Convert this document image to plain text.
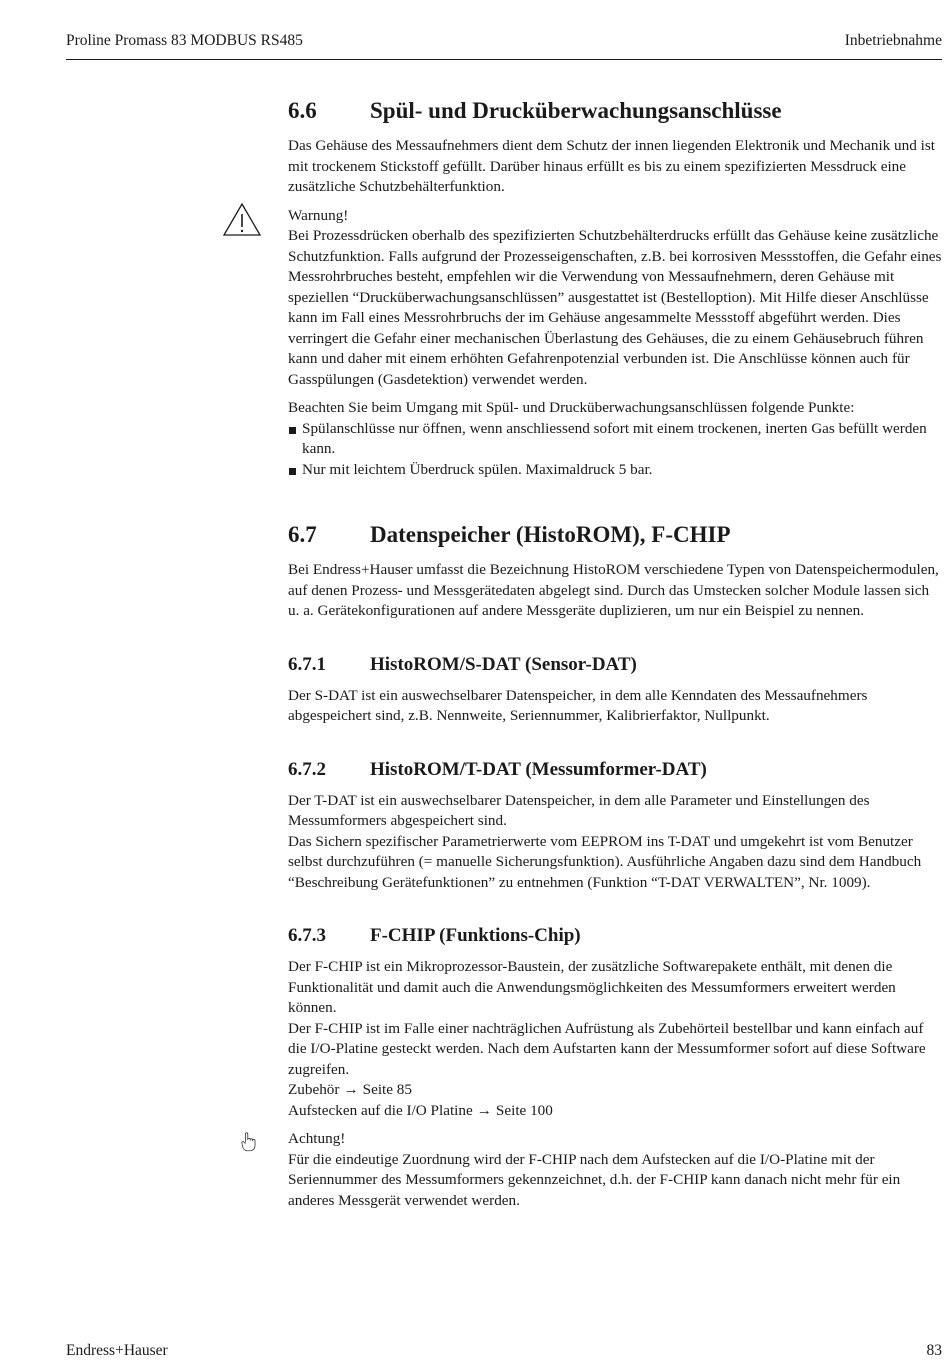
Proline Promass 83 MODBUS RS485	Inbetriebnahme
6.6	Spül- und Drucküberwachungsanschlüsse

Das Gehäuse des Messaufnehmers dient dem Schutz der innen liegenden Elektronik und Mechanik und ist mit trockenem Stickstoff gefüllt. Darüber hinaus erfüllt es bis zu einem spezifizierten Messdruck eine zusätzliche Schutzbehälterfunktion.

Warnung!

Bei Prozessdrücken oberhalb des spezifizierten Schutzbehälterdrucks erfüllt das Gehäuse keine zusätzliche Schutzfunktion. Falls aufgrund der Prozesseigenschaften, z.B. bei korrosiven Messstoffen, die Gefahr eines Messrohrbruches besteht, empfehlen wir die Verwendung von Messaufnehmern, deren Gehäuse mit speziellen “Drucküberwachungsanschlüssen” ausgestattet ist (Bestelloption). Mit Hilfe dieser Anschlüsse kann im Fall eines Messrohrbruchs der im Gehäuse angesammelte Messstoff abgeführt werden. Dies verringert die Gefahr einer mechanischen Überlastung des Gehäuses, die zu einem Gehäusebruch führen kann und daher mit einem erhöhten Gefahrenpotenzial verbunden ist. Die Anschlüsse können auch für Gasspülungen (Gasdetektion) verwendet werden.

Beachten Sie beim Umgang mit Spül- und Drucküberwachungsanschlüssen folgende Punkte:

Spülanschlüsse nur öffnen, wenn anschliessend sofort mit einem trockenen, inerten Gas befüllt werden kann.
Nur mit leichtem Überdruck spülen. Maximaldruck 5 bar.
6.7	Datenspeicher (HistoROM), F-CHIP

Bei Endress+Hauser umfasst die Bezeichnung HistoROM verschiedene Typen von Datenspeichermodulen, auf denen Prozess- und Messgerätedaten abgelegt sind. Durch das Umstecken solcher Module lassen sich u. a. Gerätekonfigurationen auf andere Messgeräte duplizieren, um nur ein Beispiel zu nennen.

6.7.1	HistoROM/S-DAT (Sensor-DAT)

Der S-DAT ist ein auswechselbarer Datenspeicher, in dem alle Kenndaten des Messaufnehmers abgespeichert sind, z.B. Nennweite, Seriennummer, Kalibrierfaktor, Nullpunkt.

6.7.2	HistoROM/T-DAT (Messumformer-DAT)

Der T-DAT ist ein auswechselbarer Datenspeicher, in dem alle Parameter und Einstellungen des Messumformers abgespeichert sind.

Das Sichern spezifischer Parametrierwerte vom EEPROM ins T-DAT und umgekehrt ist vom Benutzer selbst durchzuführen (= manuelle Sicherungsfunktion). Ausführliche Angaben dazu sind dem Handbuch “Beschreibung Gerätefunktionen” zu entnehmen (Funktion “T-DAT VERWALTEN”, Nr. 1009).

6.7.3	F-CHIP (Funktions-Chip)

Der F-CHIP ist ein Mikroprozessor-Baustein, der zusätzliche Softwarepakete enthält, mit denen die Funktionalität und damit auch die Anwendungsmöglichkeiten des Messumformers erweitert werden können.

Der F-CHIP ist im Falle einer nachträglichen Aufrüstung als Zubehörteil bestellbar und kann einfach auf die I/O-Platine gesteckt werden. Nach dem Aufstarten kann der Messumformer sofort auf diese Software zugreifen.

Zubehör → Seite 85

Aufstecken auf die I/O Platine → Seite 100

Achtung!

Für die eindeutige Zuordnung wird der F-CHIP nach dem Aufstecken auf die I/O-Platine mit der Seriennummer des Messumformers gekennzeichnet, d.h. der F-CHIP kann danach nicht mehr für ein anderes Messgerät verwendet werden.

Endress+Hauser	83
